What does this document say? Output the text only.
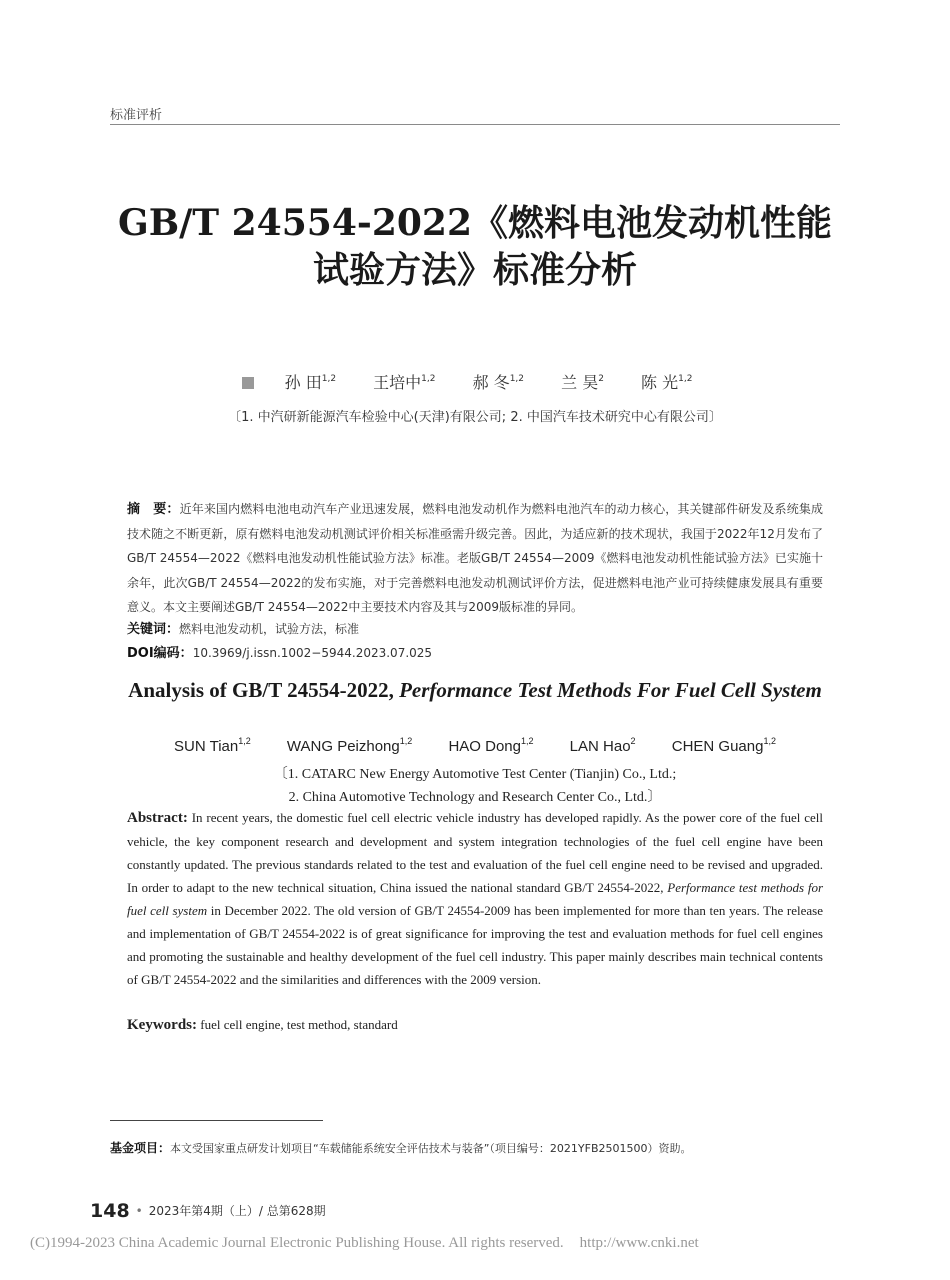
标准评析
GB/T 24554-2022《燃料电池发动机性能
试验方法》标准分析
孙 田$^{1,2}$ 王培中$^{1,2}$ 郝 冬$^{1,2}$ 兰 昊$^2$ 陈 光$^{1,2}$
〔1. 中汽研新能源汽车检验中心(天津)有限公司; 2. 中国汽车技术研究中心有限公司〕
摘　要：近年来国内燃料电池电动汽车产业迅速发展，燃料电池发动机作为燃料电池汽车的动力核心，其关键部件研发及系统集成技术随之不断更新，原有燃料电池发动机测试评价相关标准亟需升级完善。因此，为适应新的技术现状，我国于2022年12月发布了GB/T 24554—2022《燃料电池发动机性能试验方法》标准。老版GB/T 24554—2009《燃料电池发动机性能试验方法》已实施十余年，此次GB/T 24554—2022的发布实施，对于完善燃料电池发动机测试评价方法，促进燃料电池产业可持续健康发展具有重要意义。本文主要阐述GB/T 24554—2022中主要技术内容及其与2009版标准的异同。
关键词：燃料电池发动机，试验方法，标准
DOI编码：10.3969/j.issn.1002−5944.2023.07.025
Analysis of GB/T 24554-2022, Performance Test Methods For Fuel Cell System
SUN Tian$^{1,2}$ WANG Peizhong$^{1,2}$ HAO Dong$^{1,2}$ LAN Hao$^2$ CHEN Guang$^{1,2}$
〔1. CATARC New Energy Automotive Test Center (Tianjin) Co., Ltd.;
2. China Automotive Technology and Research Center Co., Ltd.〕
Abstract: In recent years, the domestic fuel cell electric vehicle industry has developed rapidly. As the power core of the fuel cell vehicle, the key component research and development and system integration technologies of the fuel cell engine have been constantly updated. The previous standards related to the test and evaluation of the fuel cell engine need to be revised and upgraded. In order to adapt to the new technical situation, China issued the national standard GB/T 24554-2022, Performance test methods for fuel cell system in December 2022. The old version of GB/T 24554-2009 has been implemented for more than ten years. The release and implementation of GB/T 24554-2022 is of great significance for improving the test and evaluation methods for fuel cell engines and promoting the sustainable and healthy development of the fuel cell industry. This paper mainly describes main technical contents of GB/T 24554-2022 and the similarities and differences with the 2009 version.
Keywords: fuel cell engine, test method, standard
基金项目：本文受国家重点研发计划项目“车载储能系统安全评估技术与装备”（项目编号：2021YFB2501500）资助。
148 • 2023年第4期（上）/ 总第628期
(C)1994-2023 China Academic Journal Electronic Publishing House. All rights reserved. http://www.cnki.net
